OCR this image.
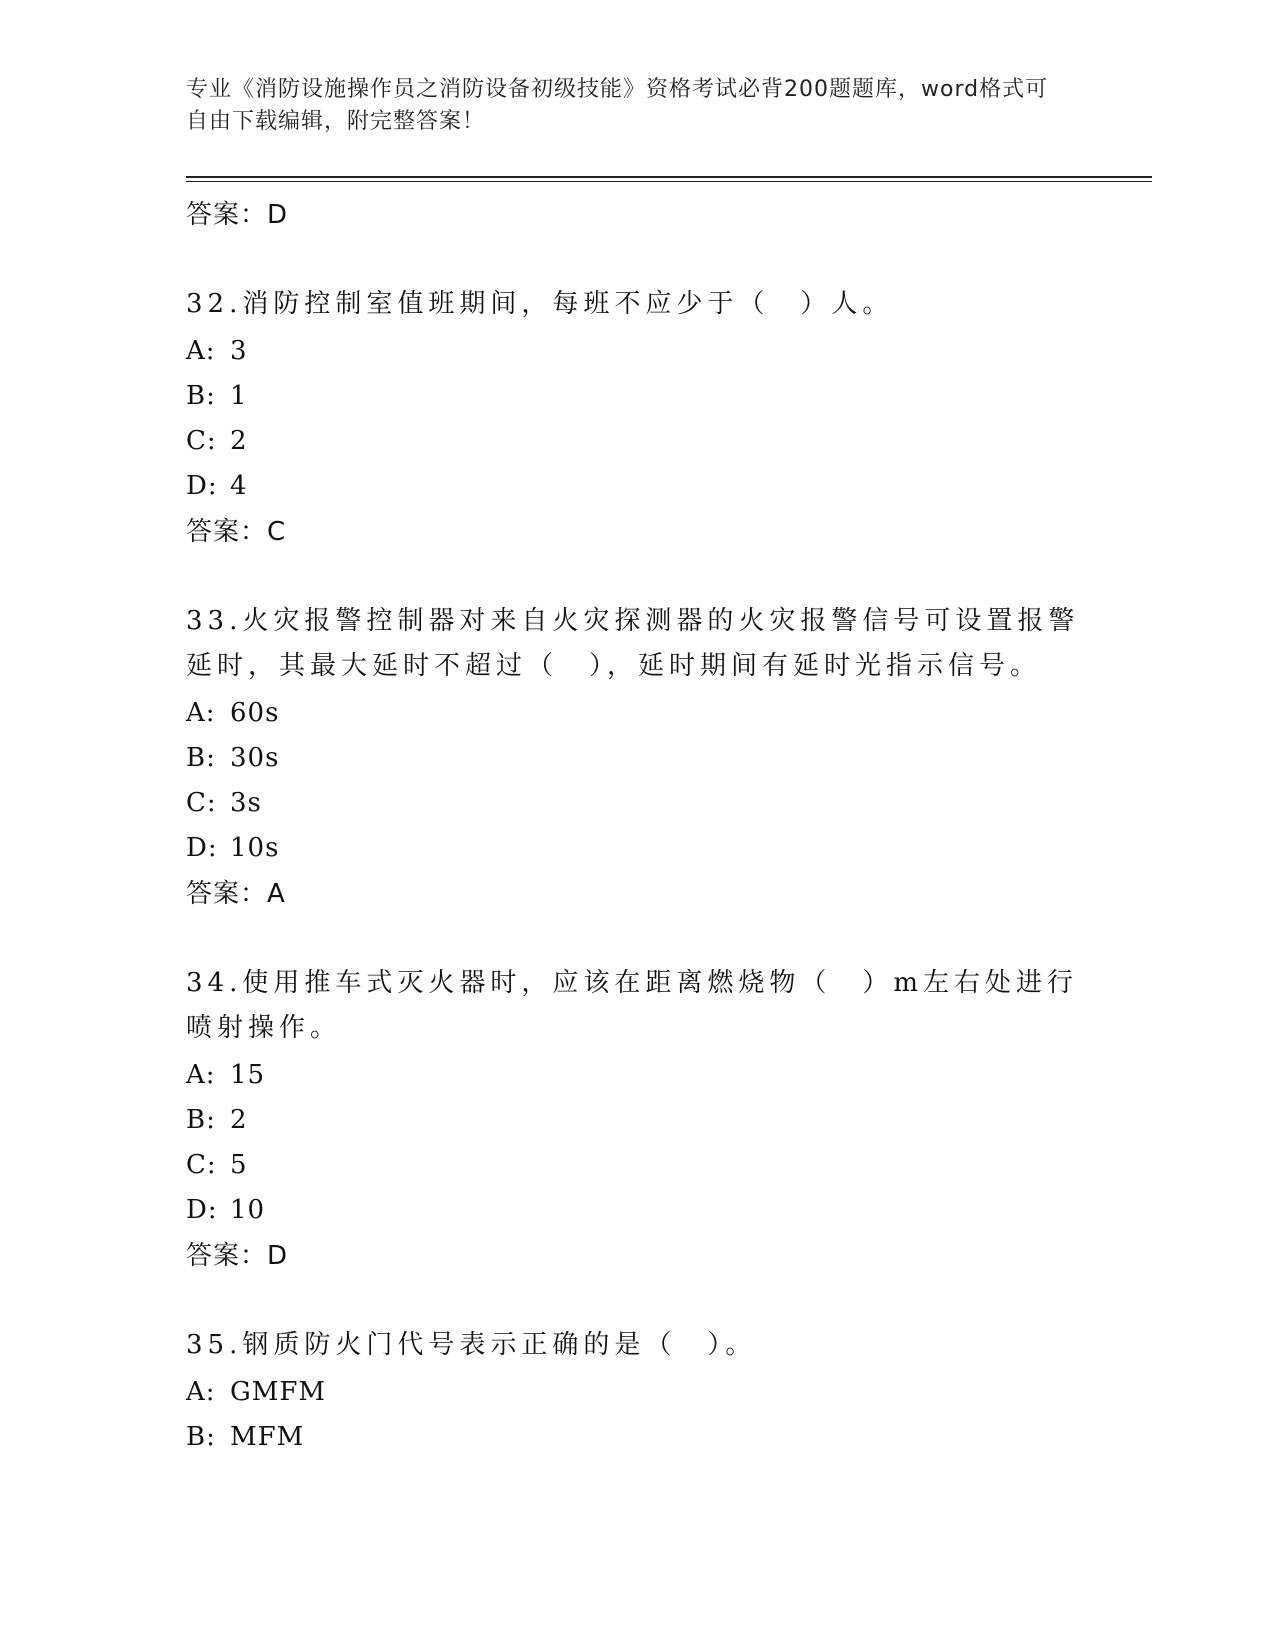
专业《消防设施操作员之消防设备初级技能》资格考试必背200题题库，word格式可自由下载编辑，附完整答案！
答案：D
32.消防控制室值班期间，每班不应少于（　）人。
A: 3
B: 1
C: 2
D: 4
答案：C
33.火灾报警控制器对来自火灾探测器的火灾报警信号可设置报警延时，其最大延时不超过（　），延时期间有延时光指示信号。
A: 60s
B: 30s
C: 3s
D: 10s
答案：A
34.使用推车式灭火器时，应该在距离燃烧物（　）m左右处进行喷射操作。
A: 15
B: 2
C: 5
D: 10
答案：D
35.钢质防火门代号表示正确的是（　）。
A: GMFM
B: MFM
